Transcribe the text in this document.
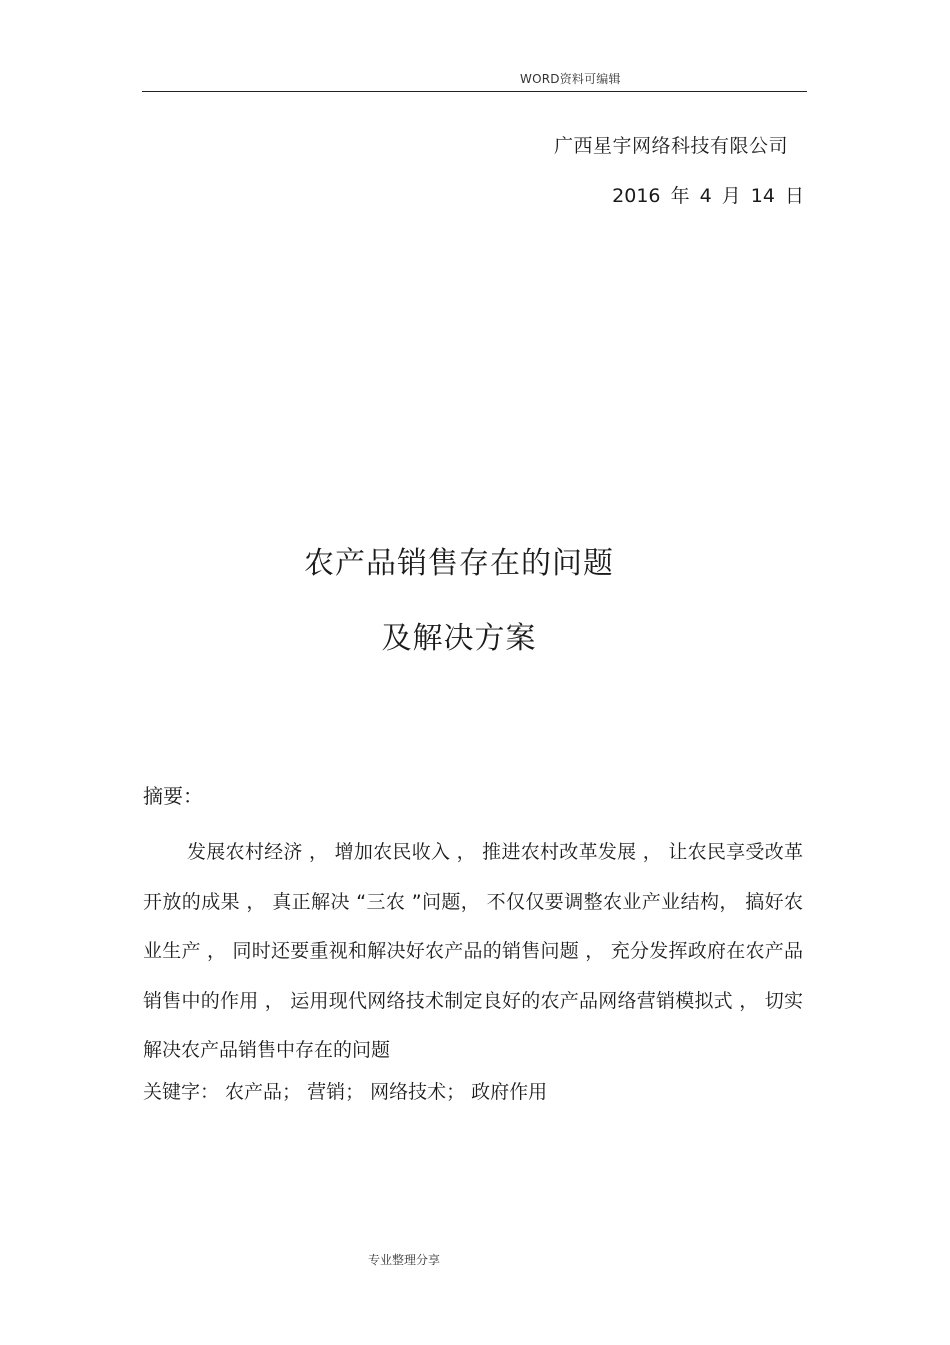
WORD资料可编辑
广西星宇网络科技有限公司
2016 年 4 月 14 日
农产品销售存在的问题
及解决方案
摘要：

发展农村经济 ， 增加农民收入 ， 推进农村改革发展 ， 让农民享受改革开放的成果 ， 真正解决 “三农 ”问题， 不仅仅要调整农业产业结构， 搞好农业生产 ， 同时还要重视和解决好农产品的销售问题 ， 充分发挥政府在农产品销售中的作用 ， 运用现代网络技术制定良好的农产品网络营销模拟式 ， 切实解决农产品销售中存在的问题

关键字： 农产品； 营销； 网络技术； 政府作用
专业整理分享
